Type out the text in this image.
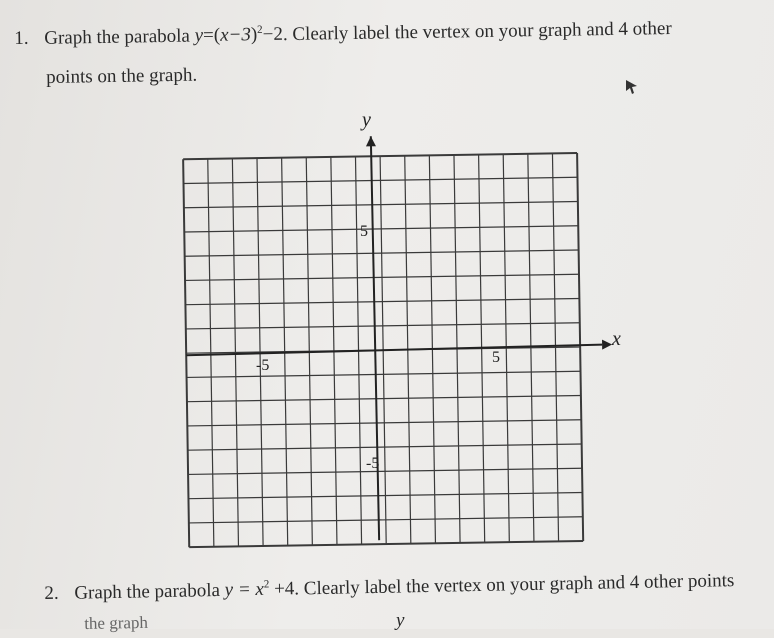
1. Graph the parabola $y=(x-3)^2-2$. Clearly label the vertex on your graph and 4 other
points on the graph.
y
x
5
-5
-5	5
2. Graph the parabola $y = x^2 +4$. Clearly label the vertex on your graph and 4 other points
the graph	y
